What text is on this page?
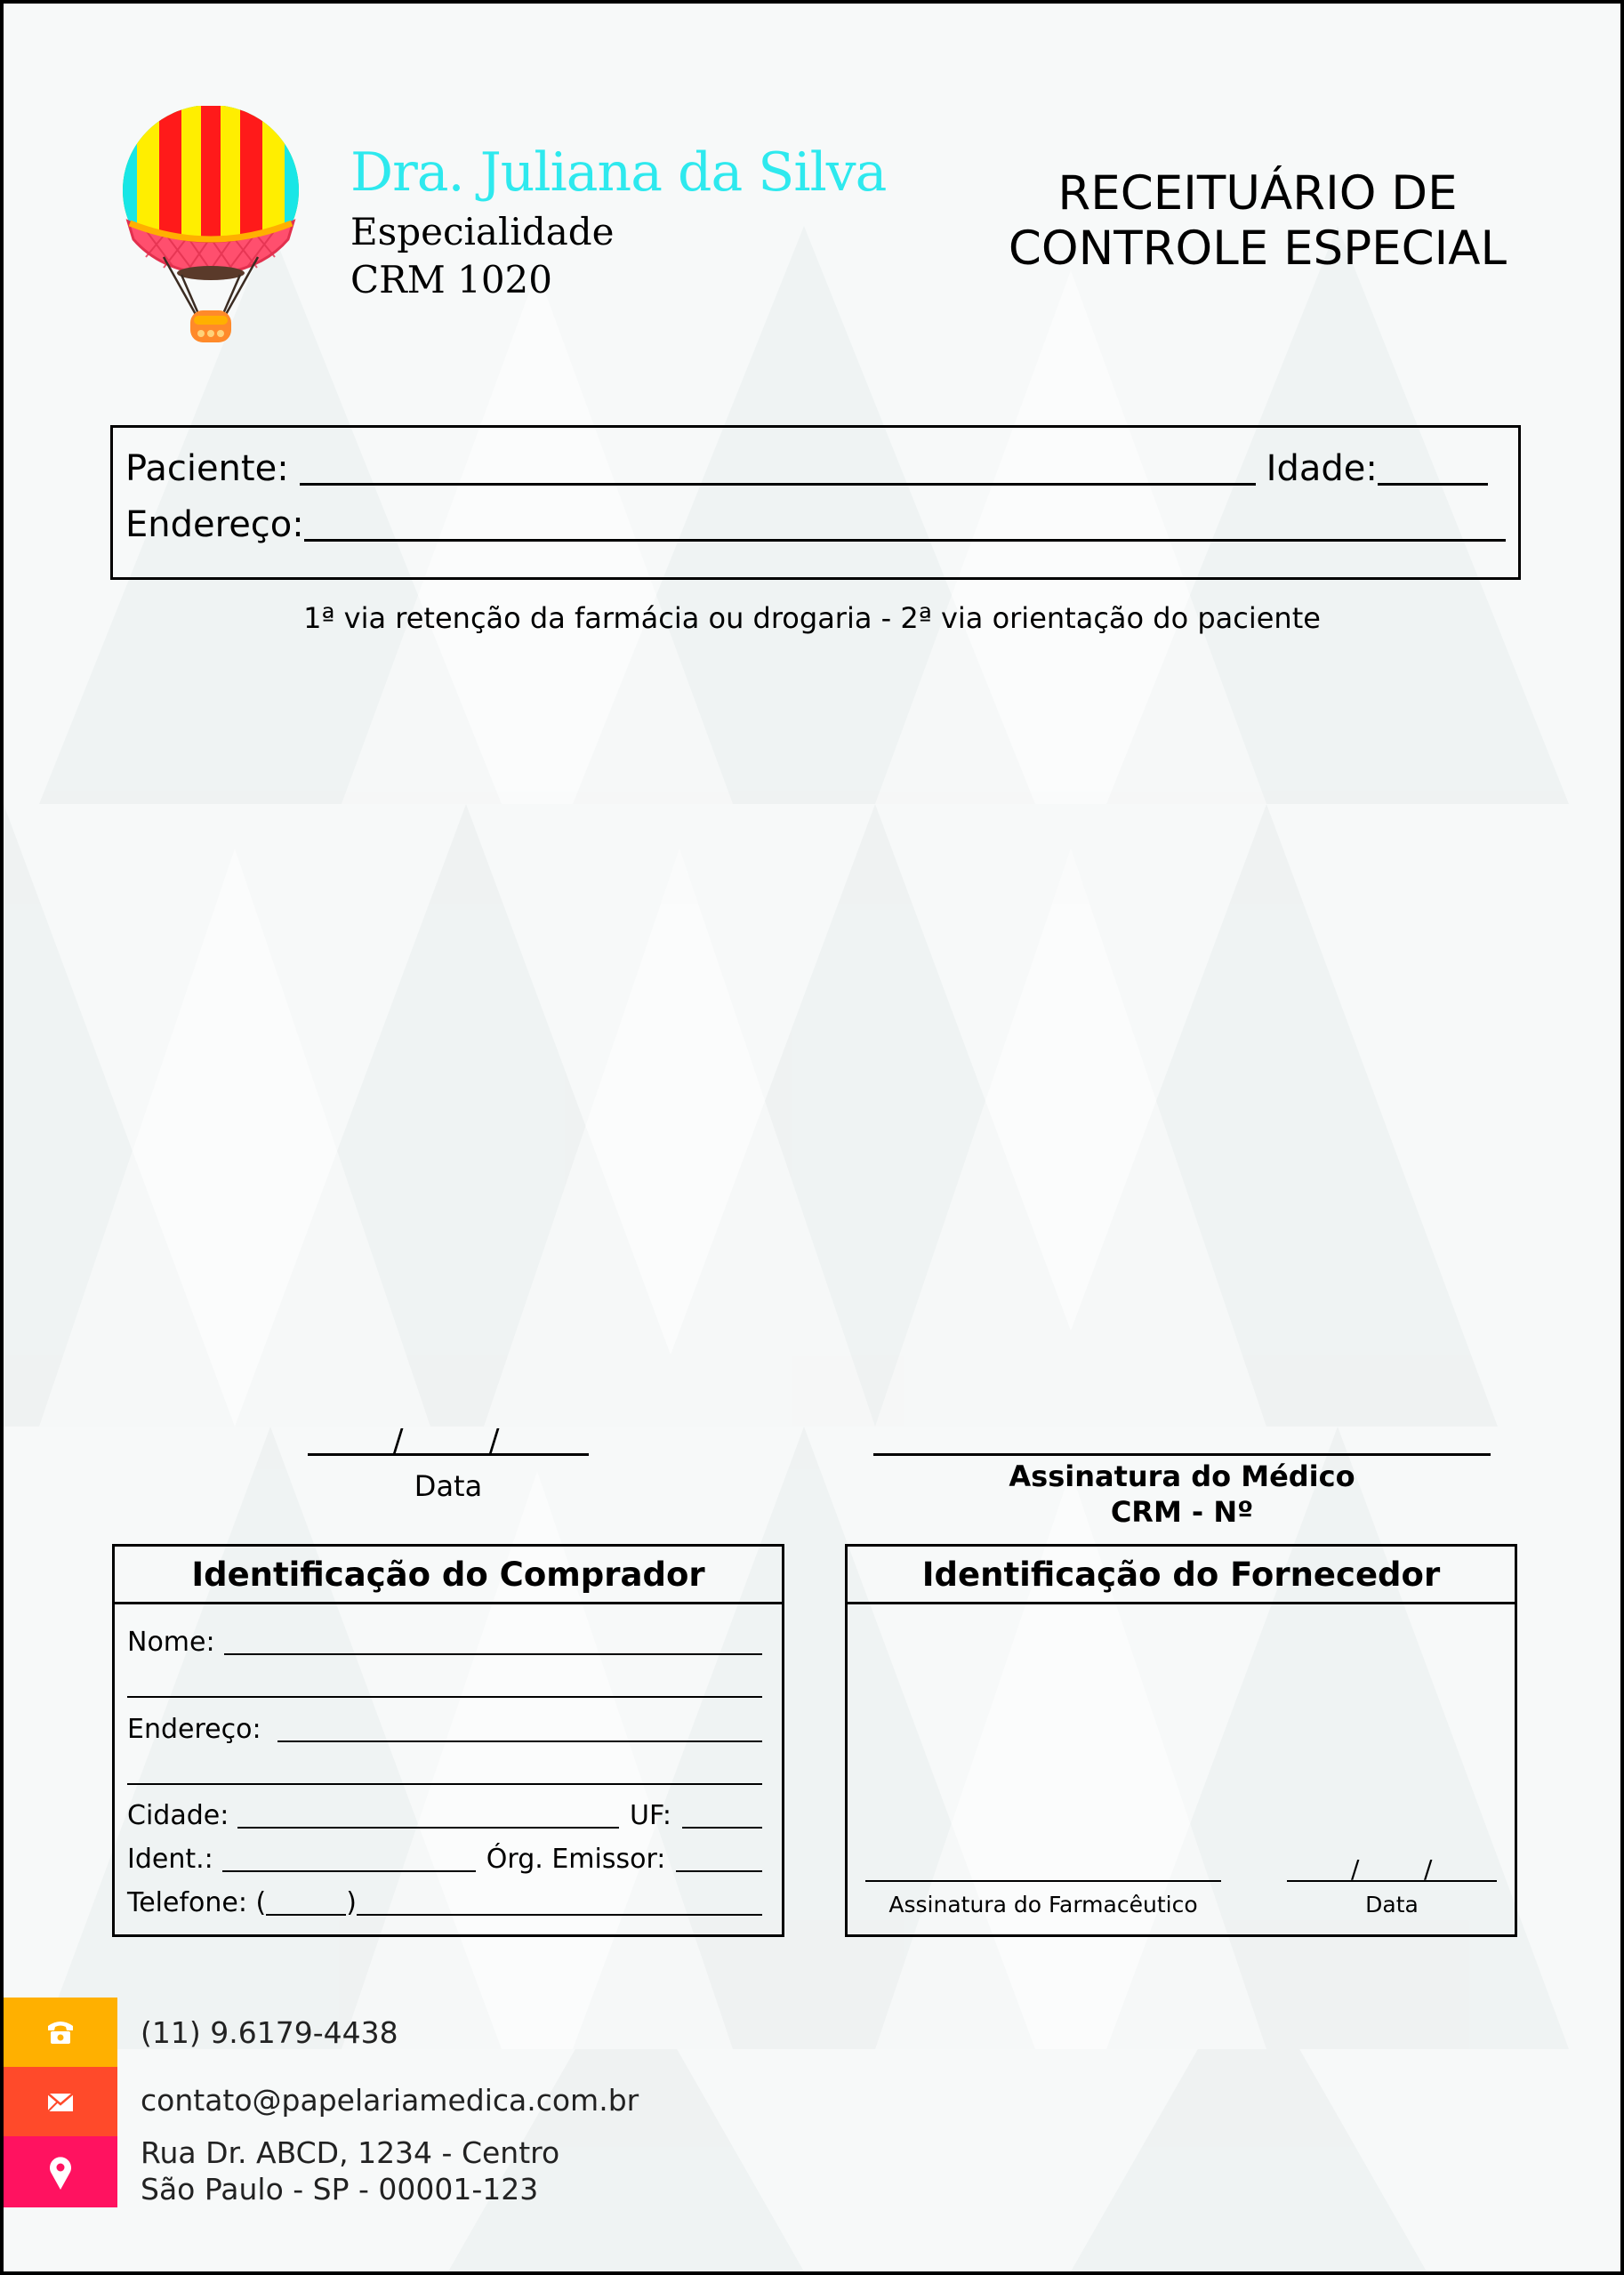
Dra. Juliana da Silva
Especialidade
CRM 1020
RECEITUÁRIO DE
CONTROLE ESPECIAL
Paciente:	Idade:
Endereço:
1ª via retenção da farmácia ou drogaria - 2ª via orientação do paciente
/	/
Data	Assinatura do Médico
CRM - Nº
Identificação do Comprador
Nome:
Endereço:
Cidade:	UF:
Ident.:	Órg. Emissor:
Telefone: (	)
Identificação do Fornecedor
Assinatura do Farmacêutico
/	/
Data
(11) 9.6179-4438
contato@papelariamedica.com.br
Rua Dr. ABCD, 1234 - Centro
São Paulo - SP - 00001-123
